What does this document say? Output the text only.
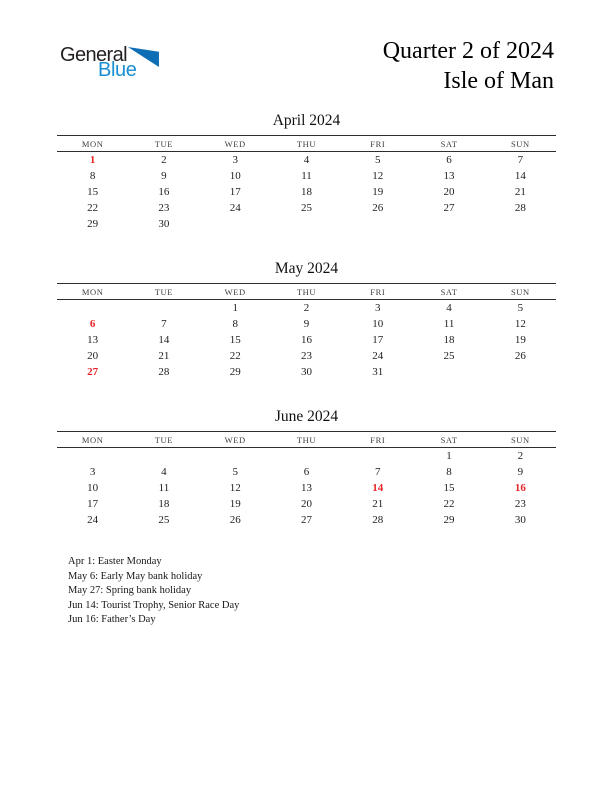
General
Blue
Quarter 2 of 2024
Isle of Man
April 2024
MON	TUE	WED	THU	FRI	SAT	SUN
1	2	3	4	5	6	7
8	9	10	11	12	13	14
15	16	17	18	19	20	21
22	23	24	25	26	27	28
29	30					
May 2024
MON	TUE	WED	THU	FRI	SAT	SUN
		1	2	3	4	5
6	7	8	9	10	11	12
13	14	15	16	17	18	19
20	21	22	23	24	25	26
27	28	29	30	31		
June 2024
MON	TUE	WED	THU	FRI	SAT	SUN
					1	2
3	4	5	6	7	8	9
10	11	12	13	14	15	16
17	18	19	20	21	22	23
24	25	26	27	28	29	30
Apr 1: Easter Monday
May 6: Early May bank holiday
May 27: Spring bank holiday
Jun 14: Tourist Trophy, Senior Race Day
Jun 16: Father’s Day
